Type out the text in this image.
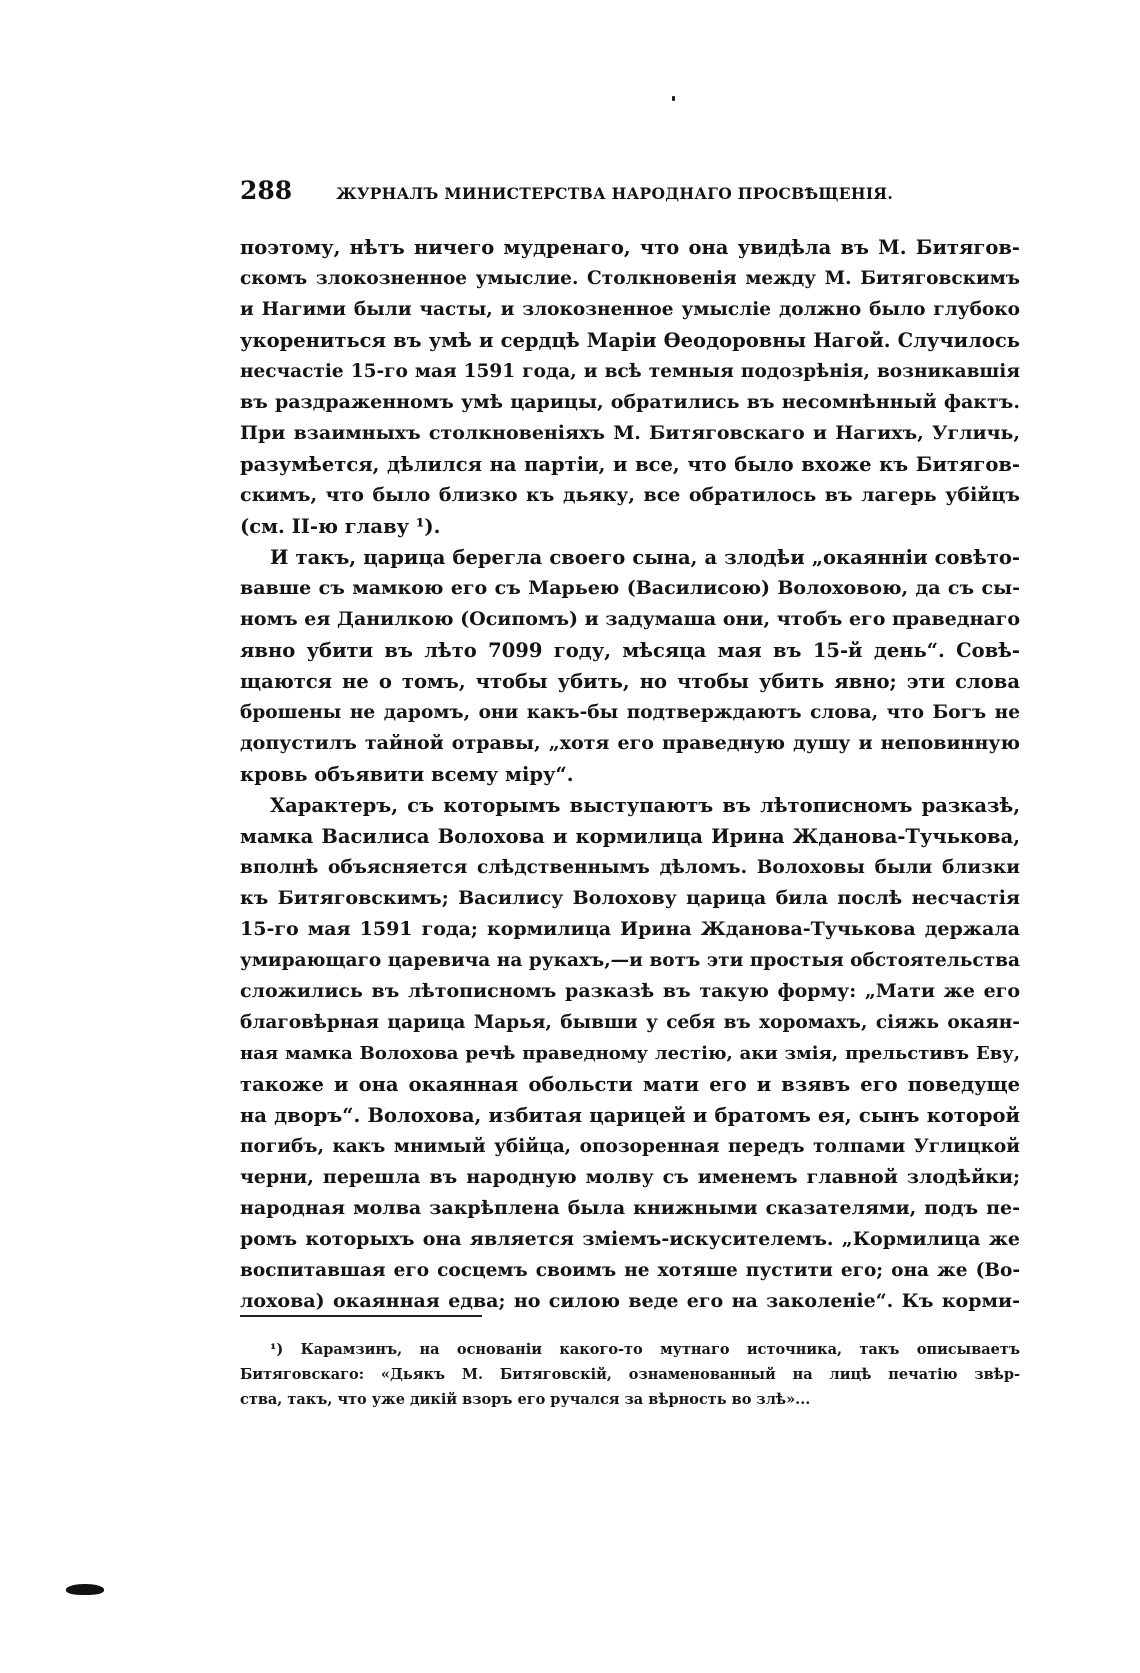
288	ЖУРНАЛЪ МИНИСТЕРСТВА НАРОДНАГО ПРОСВѢЩЕНІЯ.
поэтому, нѣтъ ничего мудренаго, что она увидѣла въ М. Битягов-
скомъ злокозненное умыслие. Столкновенія между М. Битяговскимъ
и Нагими были часты, и злокозненное умысліе должно было глубоко
укорениться въ умѣ и сердцѣ Маріи Өеодоровны Нагой. Случилось
несчастіе 15-го мая 1591 года, и всѣ темныя подозрѣнія, возникавшія
въ раздраженномъ умѣ царицы, обратились въ несомнѣнный фактъ.
При взаимныхъ столкновеніяхъ М. Битяговскаго и Нагихъ, Угличь,
разумѣется, дѣлился на партіи, и все, что было вхоже къ Битягов-
скимъ, что было близко къ дьяку, все обратилось въ лагерь убійцъ
(см. II-ю главу ¹).
И такъ, царица берегла своего сына, а злодѣи „окаянніи совѣто-
вавше съ мамкою его съ Марьею (Василисою) Волоховою, да съ сы-
номъ ея Данилкою (Осипомъ) и задумаша они, чтобъ его праведнаго
явно убити въ лѣто 7099 году, мѣсяца мая въ 15-й день“. Совѣ-
щаются не о томъ, чтобы убить, но чтобы убить явно; эти слова
брошены не даромъ, они какъ-бы подтверждаютъ слова, что Богъ не
допустилъ тайной отравы, „хотя его праведную душу и неповинную
кровь объявити всему міру“.
Характеръ, съ которымъ выступаютъ въ лѣтописномъ разказѣ,
мамка Василиса Волохова и кормилица Ирина Жданова-Тучькова,
вполнѣ объясняется слѣдственнымъ дѣломъ. Волоховы были близки
къ Битяговскимъ; Василису Волохову царица била послѣ несчастія
15-го мая 1591 года; кормилица Ирина Жданова-Тучькова держала
умирающаго царевича на рукахъ,—и вотъ эти простыя обстоятельства
сложились въ лѣтописномъ разказѣ въ такую форму: „Мати же его
благовѣрная царица Марья, бывши у себя въ хоромахъ, сіяжь окаян-
ная мамка Волохова речѣ праведному лестію, аки змія, прельстивъ Еву,
такоже и она окаянная обольсти мати его и взявъ его поведуще
на дворъ“. Волохова, избитая царицей и братомъ ея, сынъ которой
погибъ, какъ мнимый убійца, опозоренная передъ толпами Углицкой
черни, перешла въ народную молву съ именемъ главной злодѣйки;
народная молва закрѣплена была книжными сказателями, подъ пе-
ромъ которыхъ она является зміемъ-искусителемъ. „Кормилица же
воспитавшая его сосцемъ своимъ не хотяше пустити его; она же (Во-
лохова) окаянная едва; но силою веде его на заколеніе“. Къ корми-
¹) Карамзинъ, на основаніи какого-то мутнаго источника, такъ описываетъ
Битяговскаго: «Дьякъ М. Битяговскій, ознаменованный на лицѣ печатію звѣр-
ства, такъ, что уже дикій взоръ его ручался за вѣрность во злѣ»...
